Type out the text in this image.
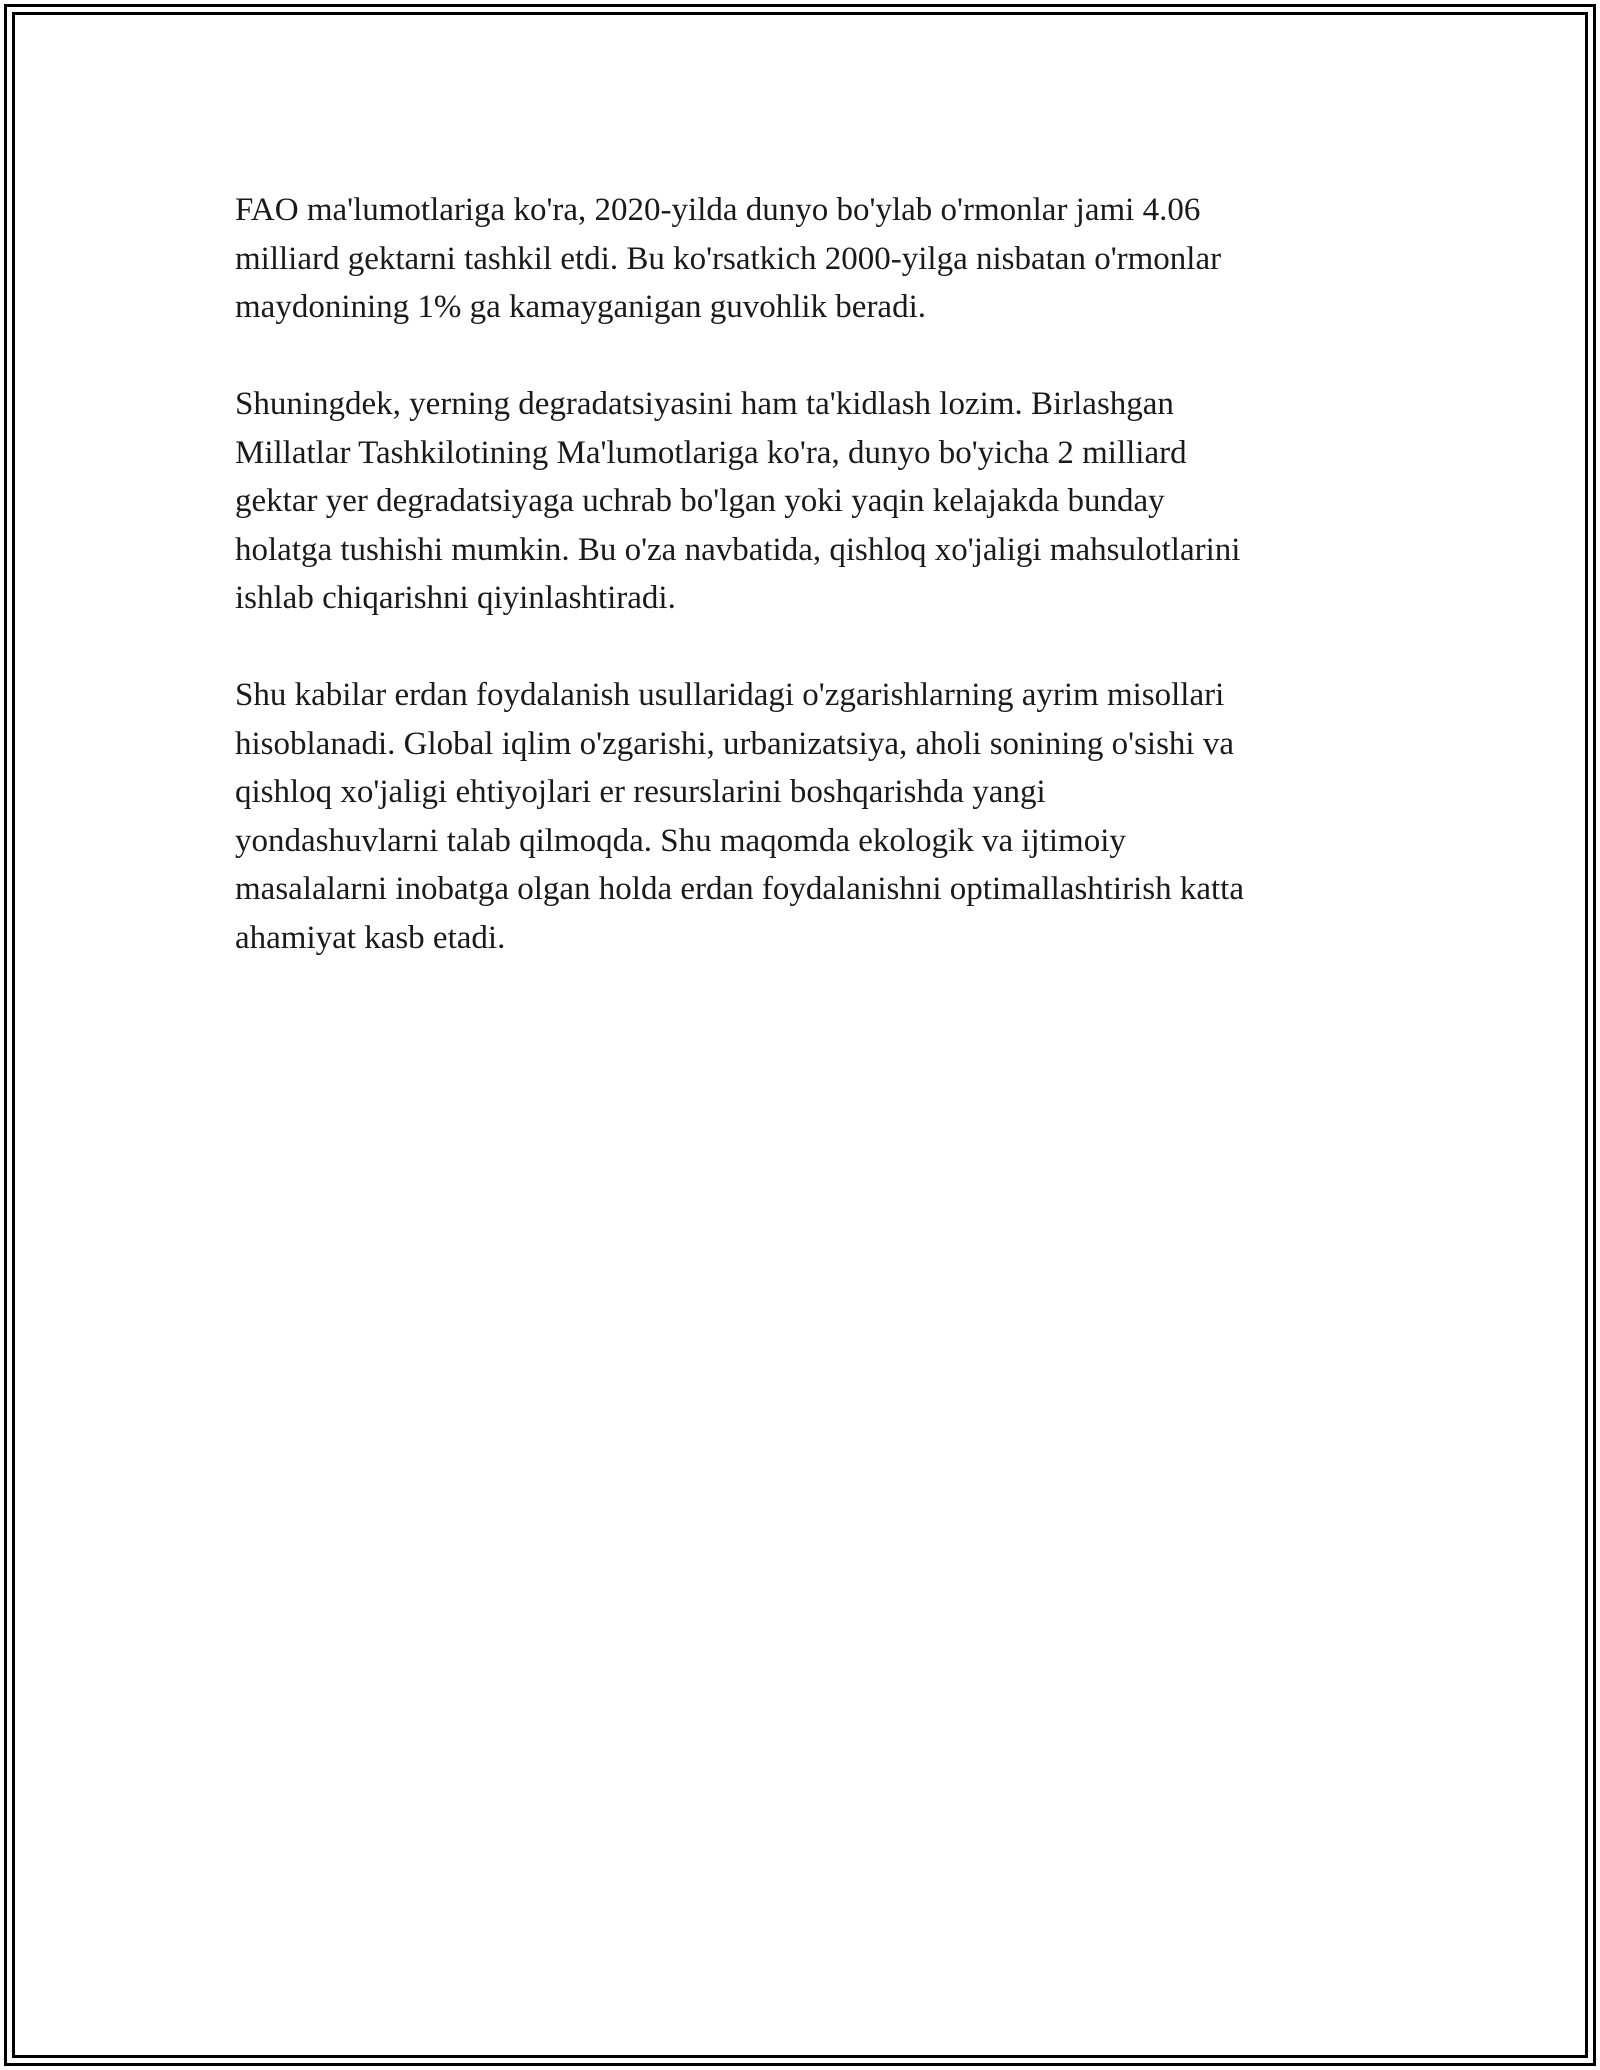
FAO ma'lumotlariga ko'ra, 2020-yilda dunyo bo'ylab o'rmonlar jami 4.06
milliard gektarni tashkil etdi. Bu ko'rsatkich 2000-yilga nisbatan o'rmonlar
maydonining 1% ga kamayganigan guvohlik beradi.

Shuningdek, yerning degradatsiyasini ham ta'kidlash lozim. Birlashgan
Millatlar Tashkilotining Ma'lumotlariga ko'ra, dunyo bo'yicha 2 milliard
gektar yer degradatsiyaga uchrab bo'lgan yoki yaqin kelajakda bunday
holatga tushishi mumkin. Bu o'za navbatida, qishloq xo'jaligi mahsulotlarini
ishlab chiqarishni qiyinlashtiradi.

Shu kabilar erdan foydalanish usullaridagi o'zgarishlarning ayrim misollari
hisoblanadi. Global iqlim o'zgarishi, urbanizatsiya, aholi sonining o'sishi va
qishloq xo'jaligi ehtiyojlari er resurslarini boshqarishda yangi
yondashuvlarni talab qilmoqda. Shu maqomda ekologik va ijtimoiy
masalalarni inobatga olgan holda erdan foydalanishni optimallashtirish katta
ahamiyat kasb etadi.
